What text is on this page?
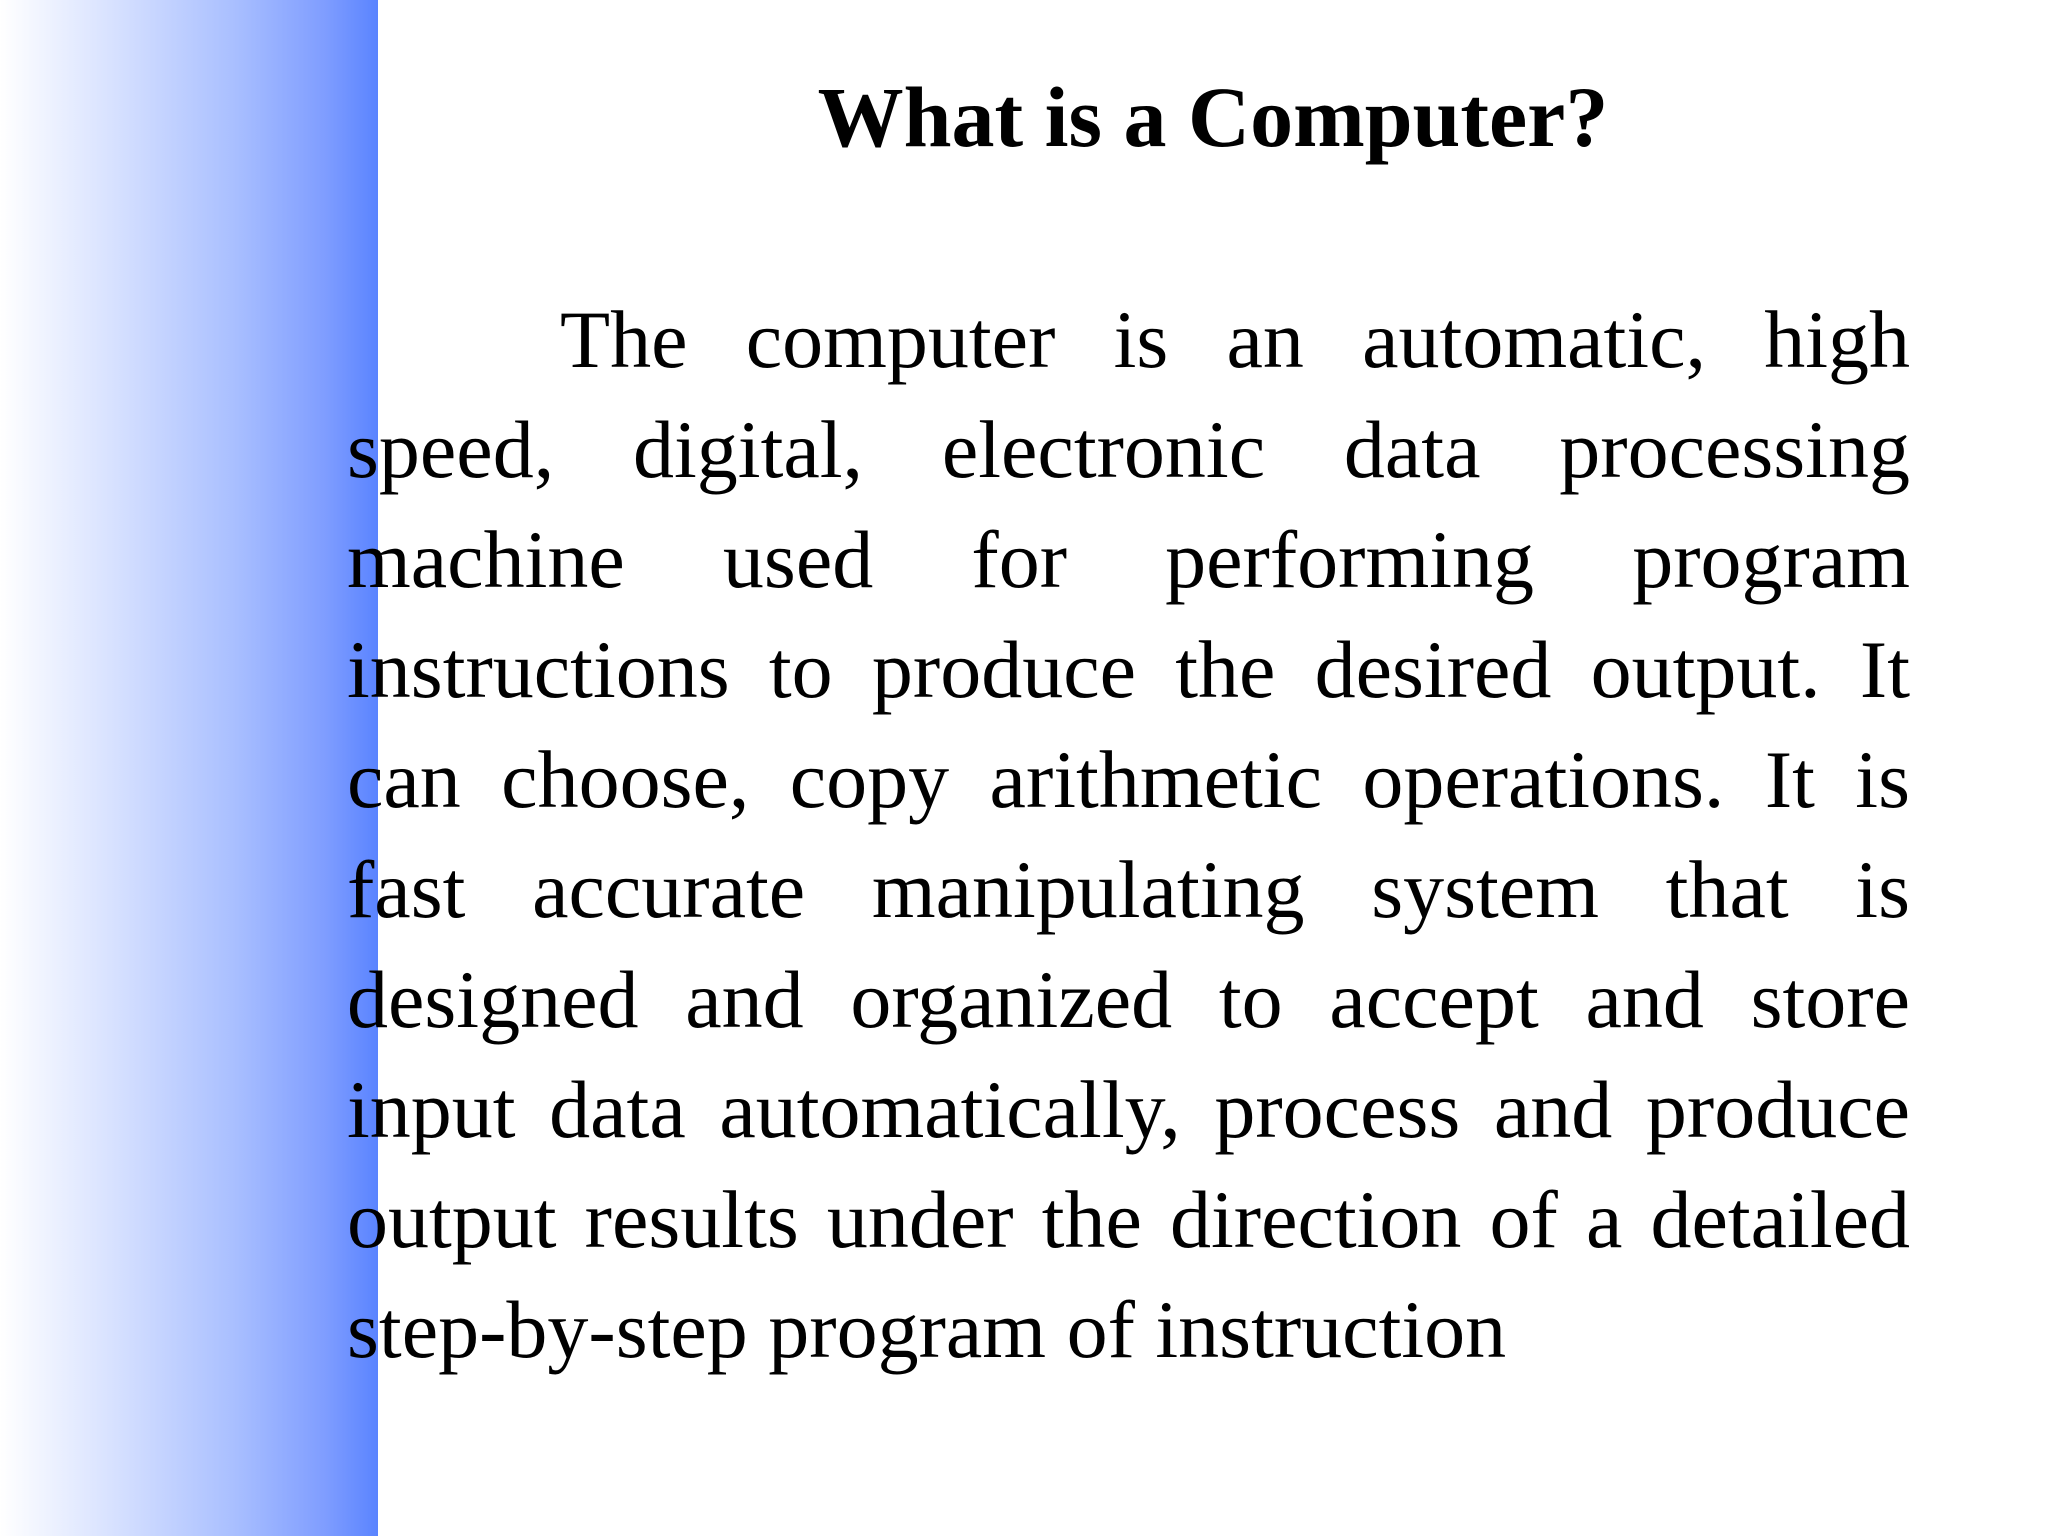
What is a Computer?

The computer is an automatic, high speed, digital, electronic data processing machine used for performing program instructions to produce the desired output. It can choose, copy arithmetic operations. It is fast accurate manipulating system that is designed and organized to accept and store input data automatically, process and produce output results under the direction of a detailed step-by-step program of instruction
